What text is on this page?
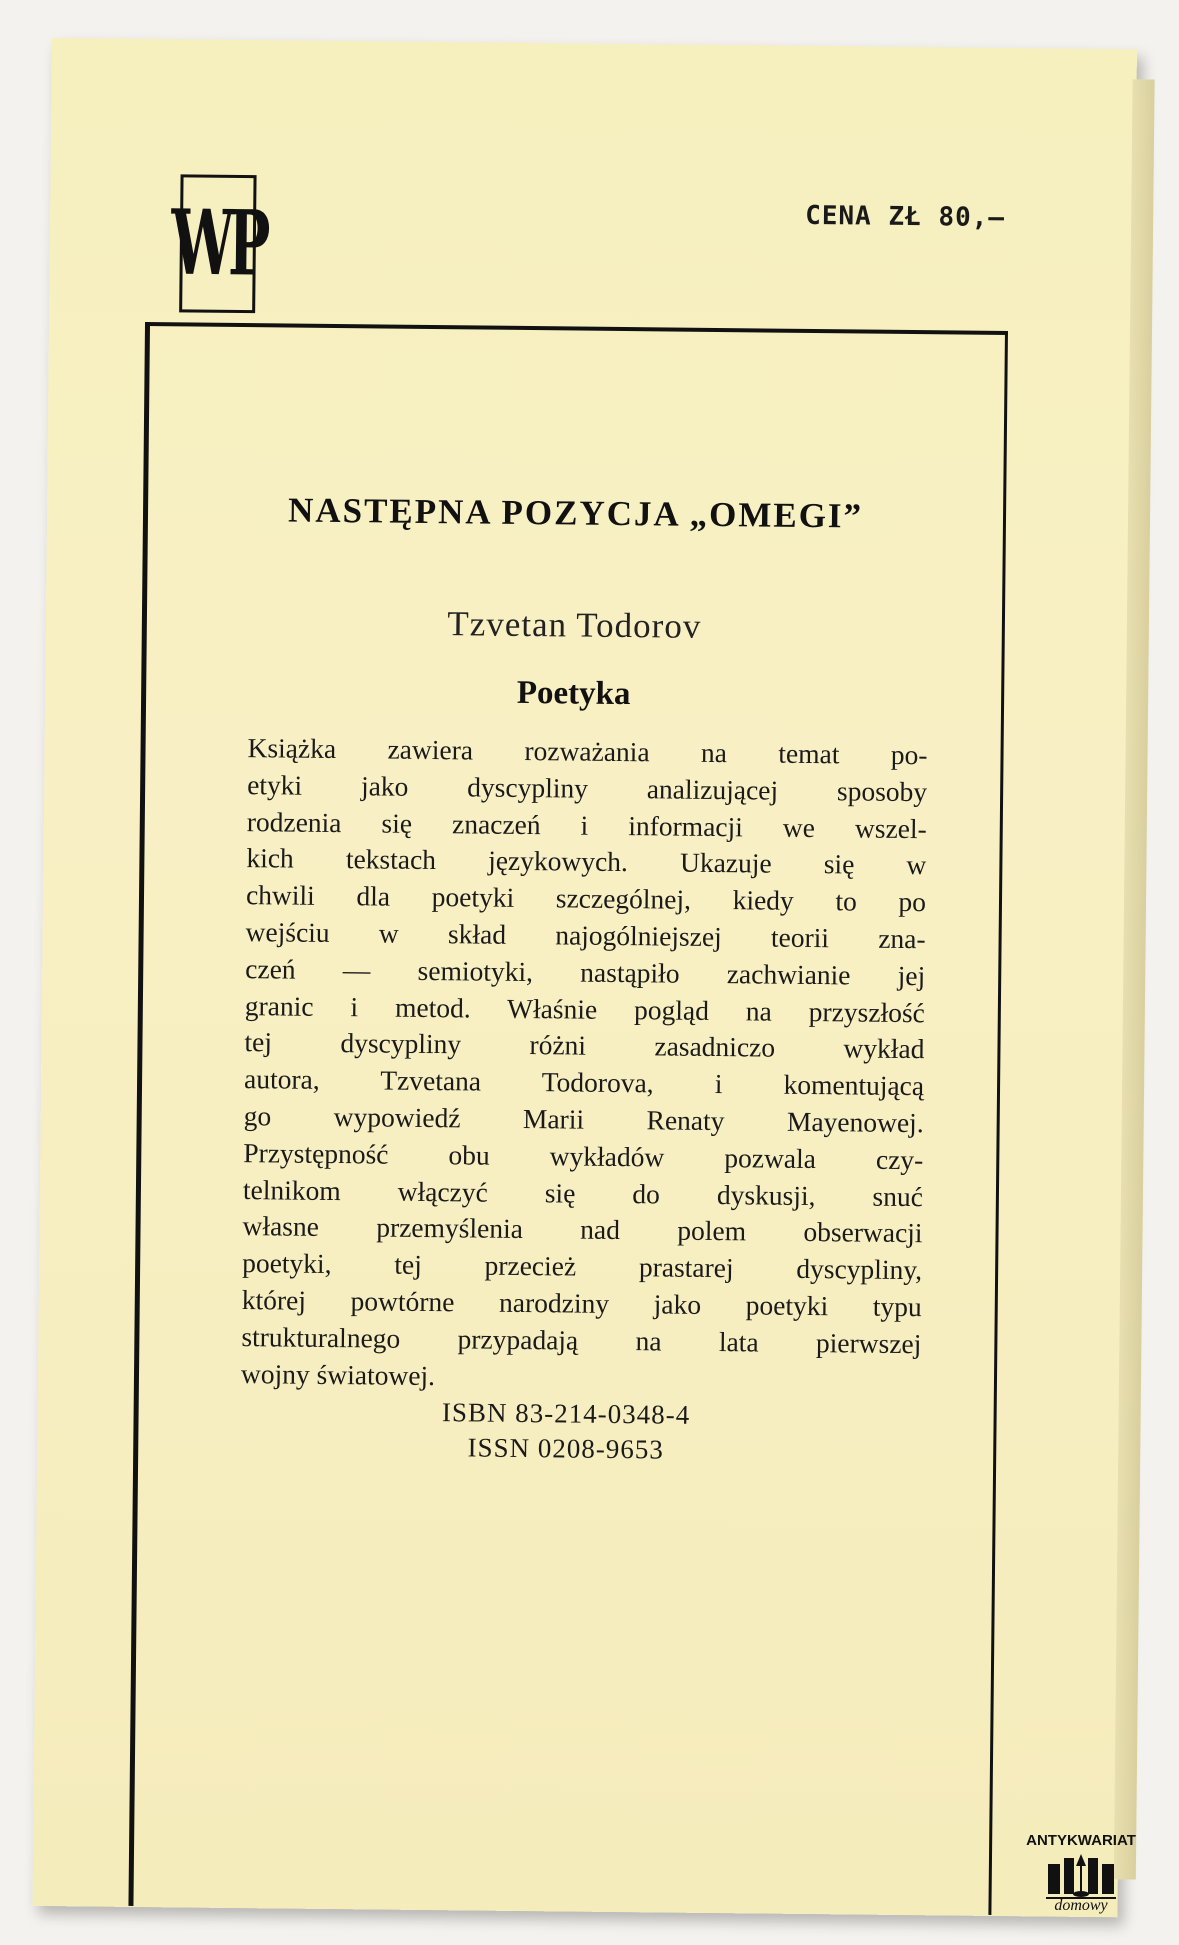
WP	CENA ZŁ 80,—
NASTĘPNA POZYCJA „OMEGI”
Tzvetan Todorov
Poetyka
Książka zawiera rozważania na temat po-
etyki jako dyscypliny analizującej sposoby
rodzenia się znaczeń i informacji we wszel-
kich tekstach językowych. Ukazuje się w
chwili dla poetyki szczególnej, kiedy to po
wejściu w skład najogólniejszej teorii zna-
czeń — semiotyki, nastąpiło zachwianie jej
granic i metod. Właśnie pogląd na przyszłość
tej dyscypliny różni zasadniczo wykład
autora, Tzvetana Todorova, i komentującą
go wypowiedź Marii Renaty Mayenowej.
Przystępność obu wykładów pozwala czy-
telnikom włączyć się do dyskusji, snuć
własne przemyślenia nad polem obserwacji
poetyki, tej przecież prastarej dyscypliny,
której powtórne narodziny jako poetyki typu
strukturalnego przypadają na lata pierwszej
wojny światowej.
ISBN 83-214-0348-4
ISSN 0208-9653
ANTYKWARIAT
domowy
